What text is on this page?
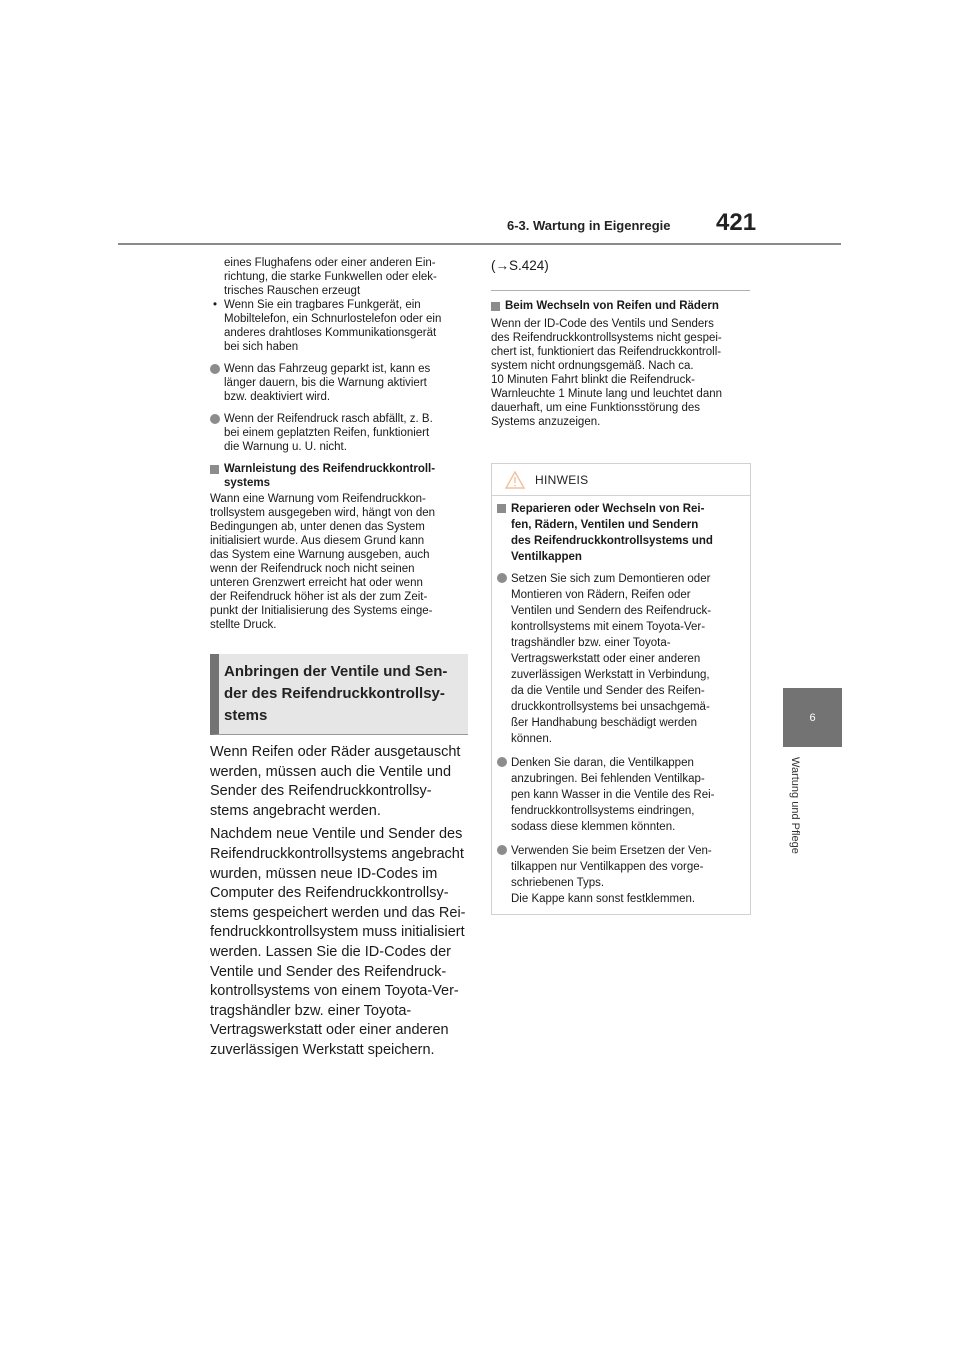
6-3. Wartung in Eigenregie 421
6
Wartung und Pflege
eines Flughafens oder einer anderen Ein-
richtung, die starke Funkwellen oder elek-
trisches Rauschen erzeugt
• Wenn Sie ein tragbares Funkgerät, ein
Mobiltelefon, ein Schnurlostelefon oder ein
anderes drahtloses Kommunikationsgerät
bei sich haben
Wenn das Fahrzeug geparkt ist, kann es
länger dauern, bis die Warnung aktiviert
bzw. deaktiviert wird.
Wenn der Reifendruck rasch abfällt, z. B.
bei einem geplatzten Reifen, funktioniert
die Warnung u. U. nicht.
Warnleistung des Reifendruckkontroll-
systems
Wann eine Warnung vom Reifendruckkon-
trollsystem ausgegeben wird, hängt von den
Bedingungen ab, unter denen das System
initialisiert wurde. Aus diesem Grund kann
das System eine Warnung ausgeben, auch
wenn der Reifendruck noch nicht seinen
unteren Grenzwert erreicht hat oder wenn
der Reifendruck höher ist als der zum Zeit-
punkt der Initialisierung des Systems einge-
stellte Druck.
Anbringen der Ventile und Sen-
der des Reifendruckkontrollsy-
stems
Wenn Reifen oder Räder ausgetauscht
werden, müssen auch die Ventile und
Sender des Reifendruckkontrollsy-
stems angebracht werden.
Nachdem neue Ventile und Sender des
Reifendruckkontrollsystems angebracht
wurden, müssen neue ID-Codes im
Computer des Reifendruckkontrollsy-
stems gespeichert werden und das Rei-
fendruckkontrollsystem muss initialisiert
werden. Lassen Sie die ID-Codes der
Ventile und Sender des Reifendruck-
kontrollsystems von einem Toyota-Ver-
tragshändler bzw. einer Toyota-
Vertragswerkstatt oder einer anderen
zuverlässigen Werkstatt speichern.
(→S.424)
Beim Wechseln von Reifen und Rädern
Wenn der ID-Code des Ventils und Senders
des Reifendruckkontrollsystems nicht gespei-
chert ist, funktioniert das Reifendruckkontroll-
system nicht ordnungsgemäß. Nach ca.
10 Minuten Fahrt blinkt die Reifendruck-
Warnleuchte 1 Minute lang und leuchtet dann
dauerhaft, um eine Funktionsstörung des
Systems anzuzeigen.
HINWEIS
Reparieren oder Wechseln von Rei-
fen, Rädern, Ventilen und Sendern
des Reifendruckkontrollsystems und
Ventilkappen
Setzen Sie sich zum Demontieren oder
Montieren von Rädern, Reifen oder
Ventilen und Sendern des Reifendruck-
kontrollsystems mit einem Toyota-Ver-
tragshändler bzw. einer Toyota-
Vertragswerkstatt oder einer anderen
zuverlässigen Werkstatt in Verbindung,
da die Ventile und Sender des Reifen-
druckkontrollsystems bei unsachgemä-
ßer Handhabung beschädigt werden
können.
Denken Sie daran, die Ventilkappen
anzubringen. Bei fehlenden Ventilkap-
pen kann Wasser in die Ventile des Rei-
fendruckkontrollsystems eindringen,
sodass diese klemmen könnten.
Verwenden Sie beim Ersetzen der Ven-
tilkappen nur Ventilkappen des vorge-
schriebenen Typs.
Die Kappe kann sonst festklemmen.
